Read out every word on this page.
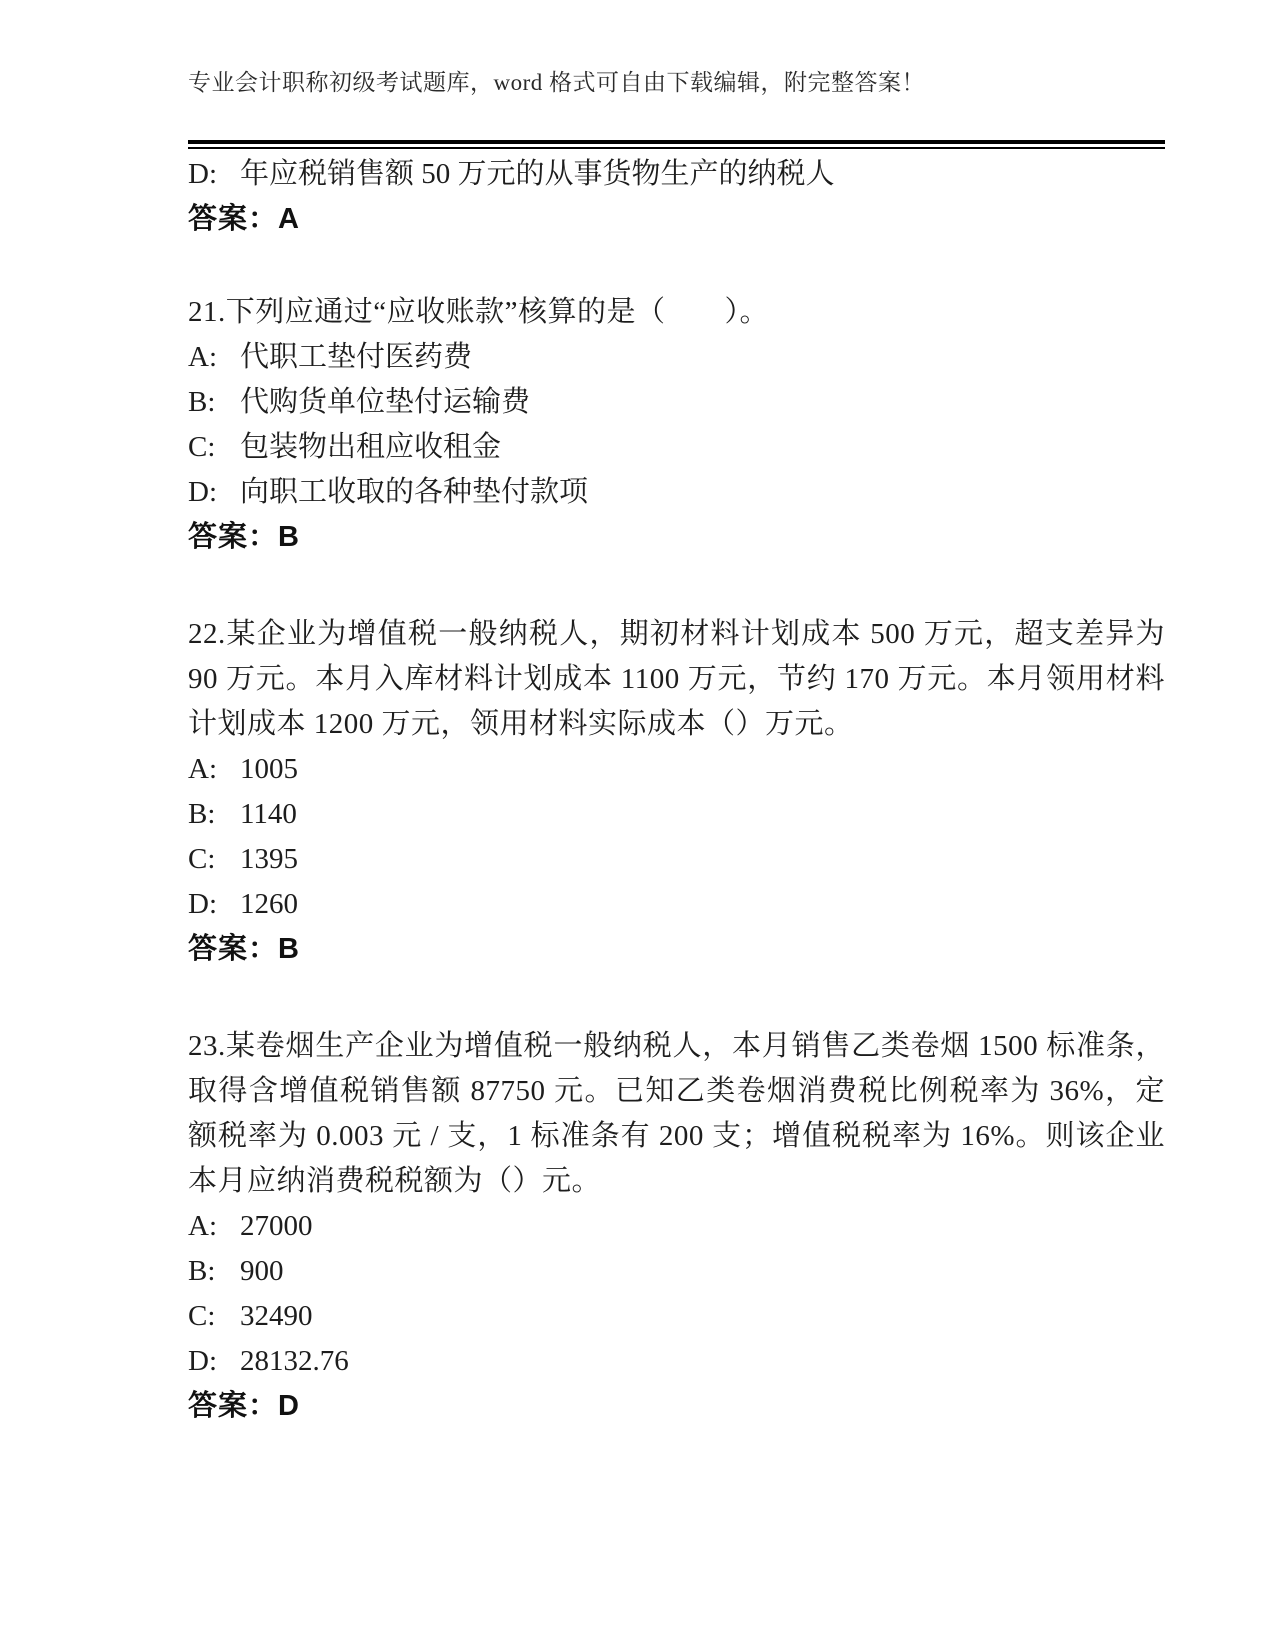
专业会计职称初级考试题库，word 格式可自由下载编辑，附完整答案！
D: 年应税销售额 50 万元的从事货物生产的纳税人
答案：A
21.下列应通过“应收账款”核算的是（　　）。
A: 代职工垫付医药费
B: 代购货单位垫付运输费
C: 包装物出租应收租金
D: 向职工收取的各种垫付款项
答案：B
22.某企业为增值税一般纳税人，期初材料计划成本 500 万元，超支差异为 90 万元。本月入库材料计划成本 1100 万元，节约 170 万元。本月领用材料计划成本 1200 万元，领用材料实际成本（）万元。
A: 1005
B: 1140
C: 1395
D: 1260
答案：B
23.某卷烟生产企业为增值税一般纳税人，本月销售乙类卷烟 1500 标准条，取得含增值税销售额 87750 元。已知乙类卷烟消费税比例税率为 36%，定额税率为 0.003 元 / 支，1 标准条有 200 支；增值税税率为 16%。则该企业本月应纳消费税税额为（）元。
A: 27000
B: 900
C: 32490
D: 28132.76
答案：D
